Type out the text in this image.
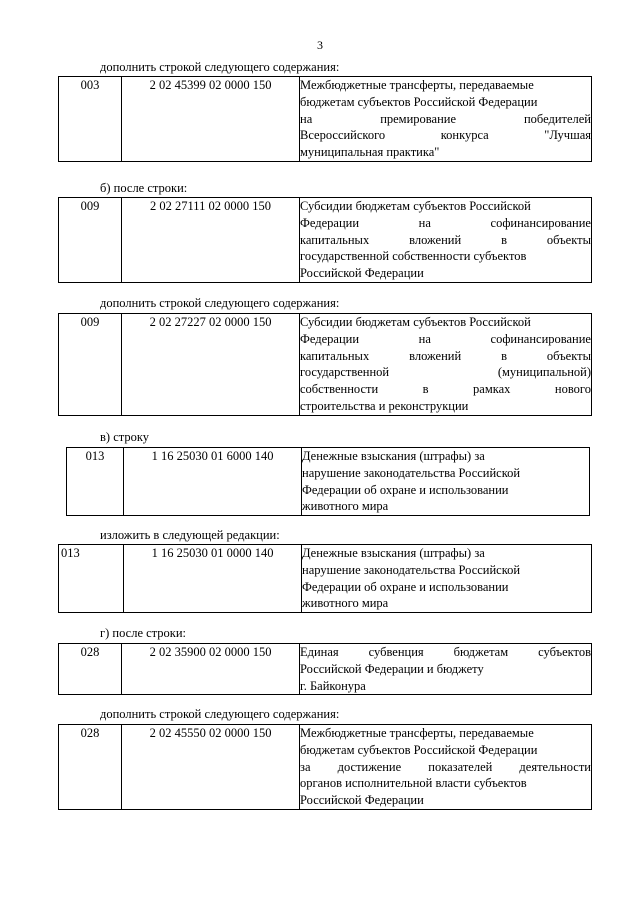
3
дополнить строкой следующего содержания:
003	2 02 45399 02 0000 150	Межбюджетные трансферты, передаваемые
бюджетам субъектов Российской Федерации
на премирование победителей
Всероссийского конкурса "Лучшая
муниципальная практика"
б) после строки:
009	2 02 27111 02 0000 150	Субсидии бюджетам субъектов Российской
Федерации на софинансирование
капитальных вложений в объекты
государственной собственности субъектов
Российской Федерации
дополнить строкой следующего содержания:
009	2 02 27227 02 0000 150	Субсидии бюджетам субъектов Российской
Федерации на софинансирование
капитальных вложений в объекты
государственной (муниципальной)
собственности в рамках нового
строительства и реконструкции
в) строку
013	1 16 25030 01 6000 140	Денежные взыскания (штрафы) за
нарушение законодательства Российской
Федерации об охране и использовании
животного мира
изложить в следующей редакции:
013	1 16 25030 01 0000 140	Денежные взыскания (штрафы) за
нарушение законодательства Российской
Федерации об охране и использовании
животного мира
г) после строки:
028	2 02 35900 02 0000 150	Единая субвенция бюджетам субъектов
Российской Федерации и бюджету
г. Байконура
дополнить строкой следующего содержания:
028	2 02 45550 02 0000 150	Межбюджетные трансферты, передаваемые
бюджетам субъектов Российской Федерации
за достижение показателей деятельности
органов исполнительной власти субъектов
Российской Федерации
